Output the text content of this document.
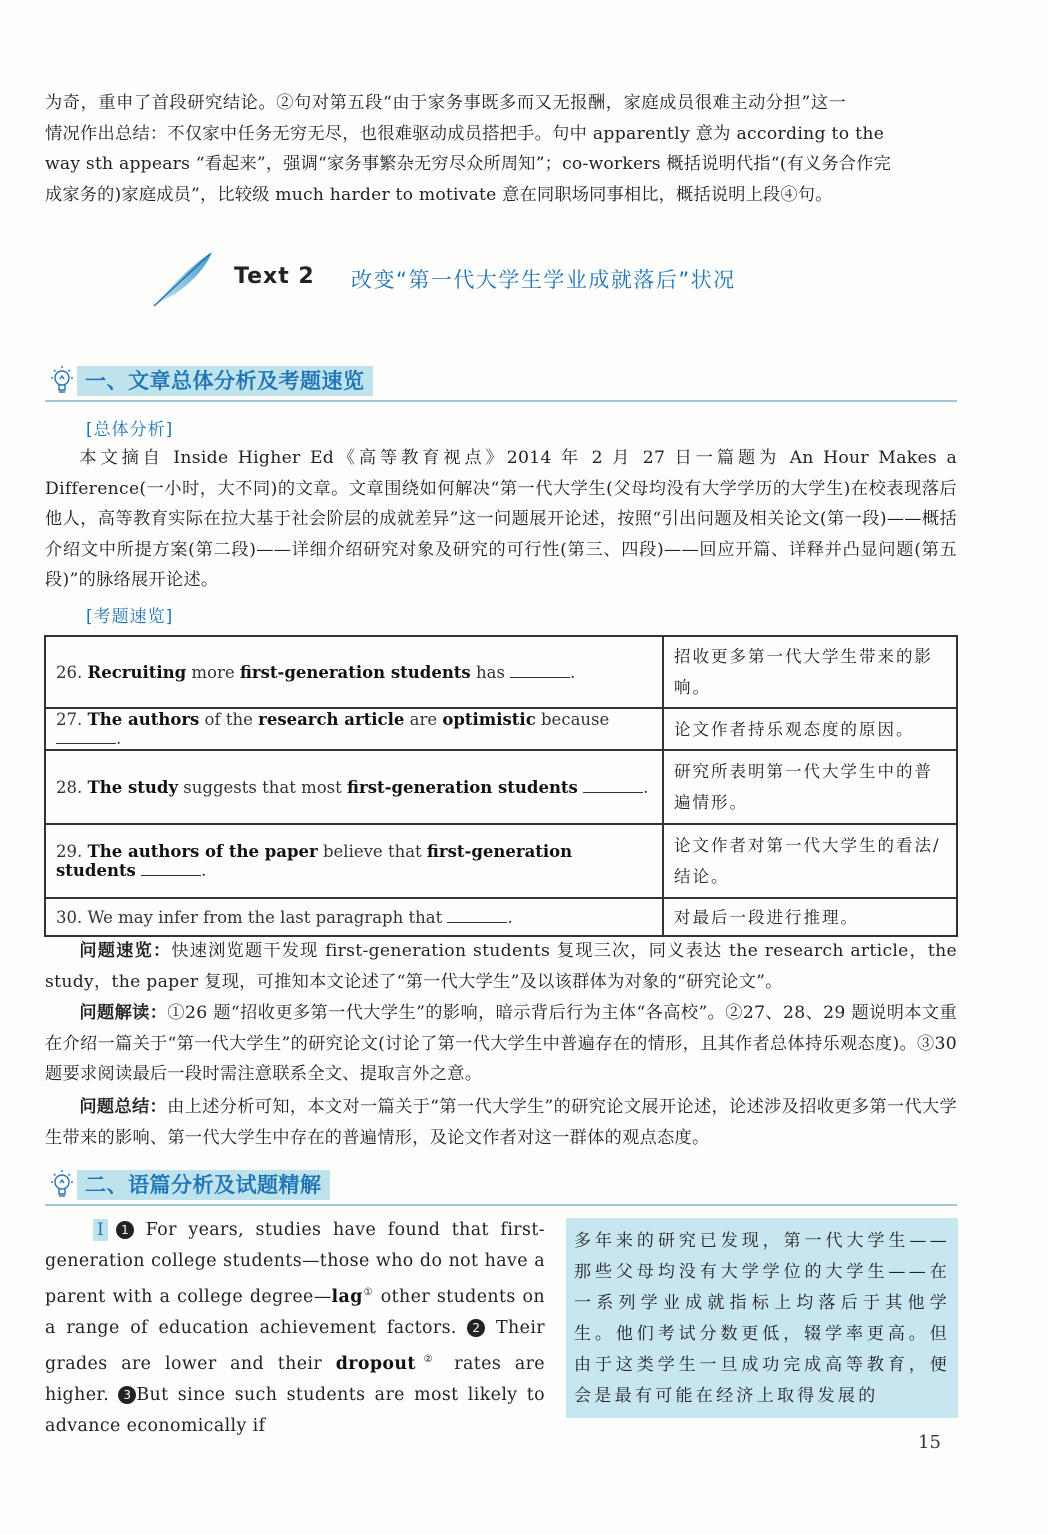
为奇，重申了首段研究结论。②句对第五段“由于家务事既多而又无报酬，家庭成员很难主动分担”这一
情况作出总结：不仅家中任务无穷无尽，也很难驱动成员搭把手。句中 apparently 意为 according to the
way sth appears “看起来”，强调“家务事繁杂无穷尽众所周知”；co-workers 概括说明代指“(有义务合作完
成家务的)家庭成员”，比较级 much harder to motivate 意在同职场同事相比，概括说明上段④句。
Text 2 改变“第一代大学生学业成就落后”状况
一、文章总体分析及考题速览
[总体分析]
本文摘自 Inside Higher Ed《高等教育视点》2014 年 2 月 27 日一篇题为 An Hour Makes a Difference(一小时，大不同)的文章。文章围绕如何解决“第一代大学生(父母均没有大学学历的大学生)在校表现落后他人，高等教育实际在拉大基于社会阶层的成就差异”这一问题展开论述，按照“引出问题及相关论文(第一段)——概括介绍文中所提方案(第二段)——详细介绍研究对象及研究的可行性(第三、四段)——回应开篇、详释并凸显问题(第五段)”的脉络展开论述。
[考题速览]
26. Recruiting more first-generation students has .	招收更多第一代大学生带来的影响。
27. The authors of the research article are optimistic because .	论文作者持乐观态度的原因。
28. The study suggests that most first-generation students .	研究所表明第一代大学生中的普遍情形。
29. The authors of the paper believe that first-generation students .	论文作者对第一代大学生的看法/结论。
30. We may infer from the last paragraph that .	对最后一段进行推理。
问题速览：快速浏览题干发现 first-generation students 复现三次，同义表达 the research article，the study，the paper 复现，可推知本文论述了“第一代大学生”及以该群体为对象的“研究论文”。
问题解读：①26 题“招收更多第一代大学生”的影响，暗示背后行为主体“各高校”。②27、28、29 题说明本文重在介绍一篇关于“第一代大学生”的研究论文(讨论了第一代大学生中普遍存在的情形，且其作者总体持乐观态度)。③30 题要求阅读最后一段时需注意联系全文、提取言外之意。
问题总结：由上述分析可知，本文对一篇关于“第一代大学生”的研究论文展开论述，论述涉及招收更多第一代大学生带来的影响、第一代大学生中存在的普遍情形，及论文作者对这一群体的观点态度。
二、语篇分析及试题精解
I 1 For years, studies have found that first-generation college students—those who do not have a parent with a college degree—lag① other students on a range of education achievement factors. 2 Their grades are lower and their dropout② rates are higher. 3 But since such students are most likely to advance economically if
多年来的研究已发现，第一代大学生——那些父母均没有大学学位的大学生——在一系列学业成就指标上均落后于其他学生。他们考试分数更低，辍学率更高。但由于这类学生一旦成功完成高等教育，便会是最有可能在经济上取得发展的
15
